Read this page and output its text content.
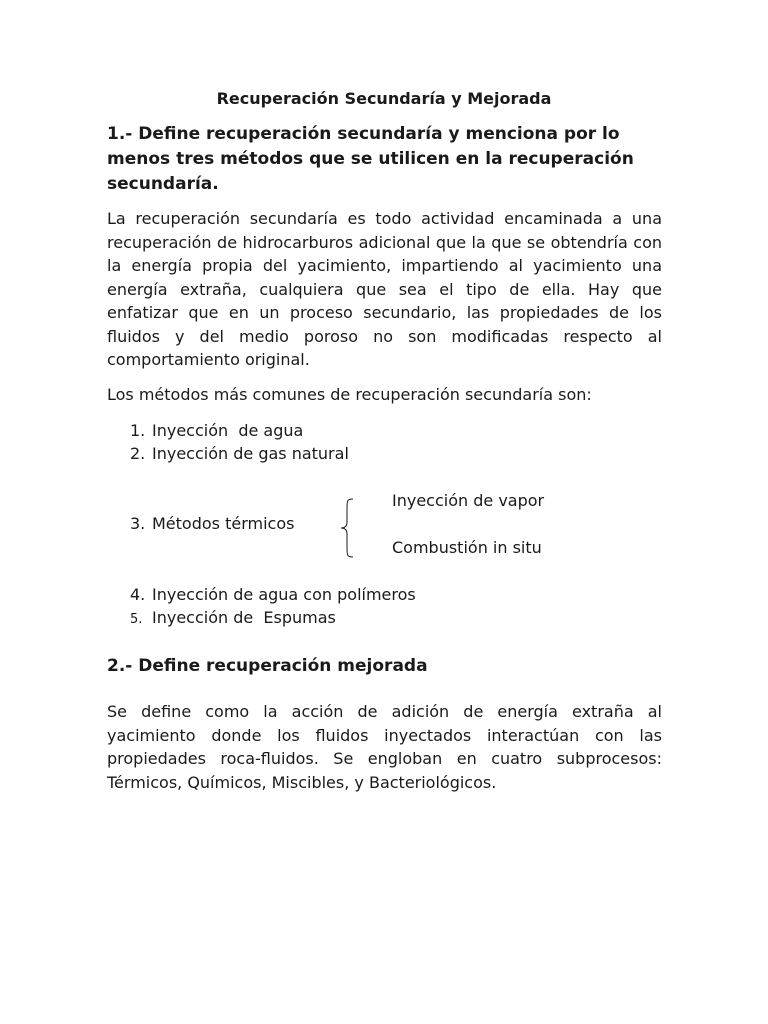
Recuperación Secundaría y Mejorada
1.- Define recuperación secundaría y menciona por lo menos tres métodos que se utilicen en la recuperación secundaría.
La recuperación secundaría es todo actividad encaminada a una recuperación de hidrocarburos adicional que la que se obtendría con la energía propia del yacimiento, impartiendo al yacimiento una energía extraña, cualquiera que sea el tipo de ella. Hay que enfatizar que en un proceso secundario, las propiedades de los fluidos y del medio poroso no son modificadas respecto al comportamiento original.
Los métodos más comunes de recuperación secundaría son:
1. Inyección  de agua
2. Inyección de gas natural
3. Métodos térmicos
Inyección de vapor
Combustión in situ
4. Inyección de agua con polímeros
5. Inyección de  Espumas
2.- Define recuperación mejorada
Se define como la acción de adición de energía extraña al yacimiento donde los fluidos inyectados interactúan con las propiedades roca-fluidos. Se engloban en cuatro subprocesos: Térmicos, Químicos, Miscibles, y Bacteriológicos.
